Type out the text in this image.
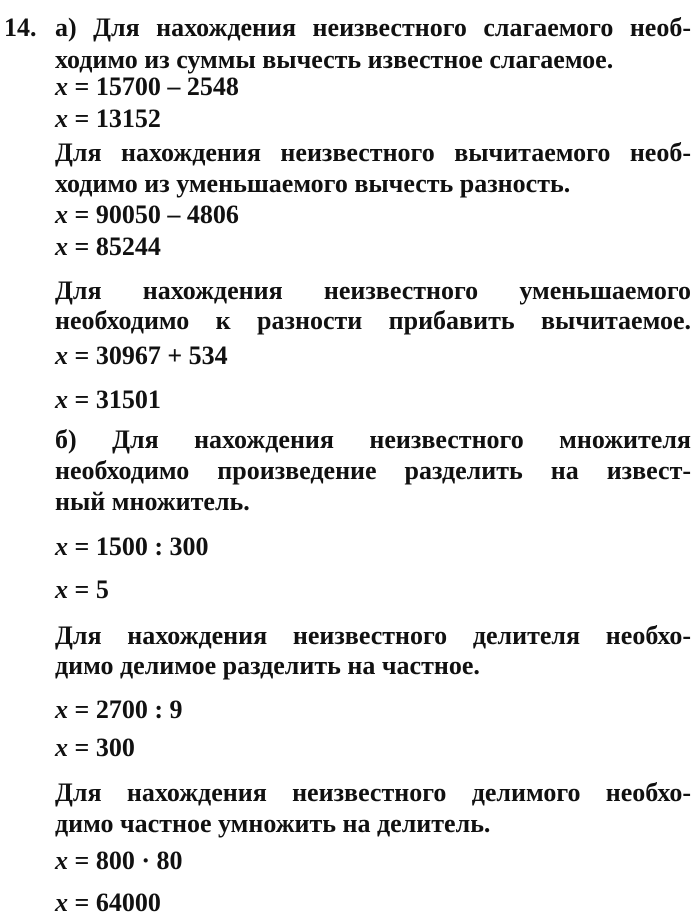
14. а) Для нахождения неизвестного слагаемого необ-
ходимо из суммы вычесть известное слагаемое.
x = 15700 – 2548
x = 13152
Для нахождения неизвестного вычитаемого необ-
ходимо из уменьшаемого вычесть разность.
x = 90050 – 4806
x = 85244
Для нахождения неизвестного уменьшаемого
необходимо к разности прибавить вычитаемое.
x = 30967 + 534
x = 31501
б) Для нахождения неизвестного множителя
необходимо произведение разделить на извест-
ный множитель.
x = 1500 : 300
x = 5
Для нахождения неизвестного делителя необхо-
димо делимое разделить на частное.
x = 2700 : 9
x = 300
Для нахождения неизвестного делимого необхо-
димо частное умножить на делитель.
x = 800 · 80
x = 64000
